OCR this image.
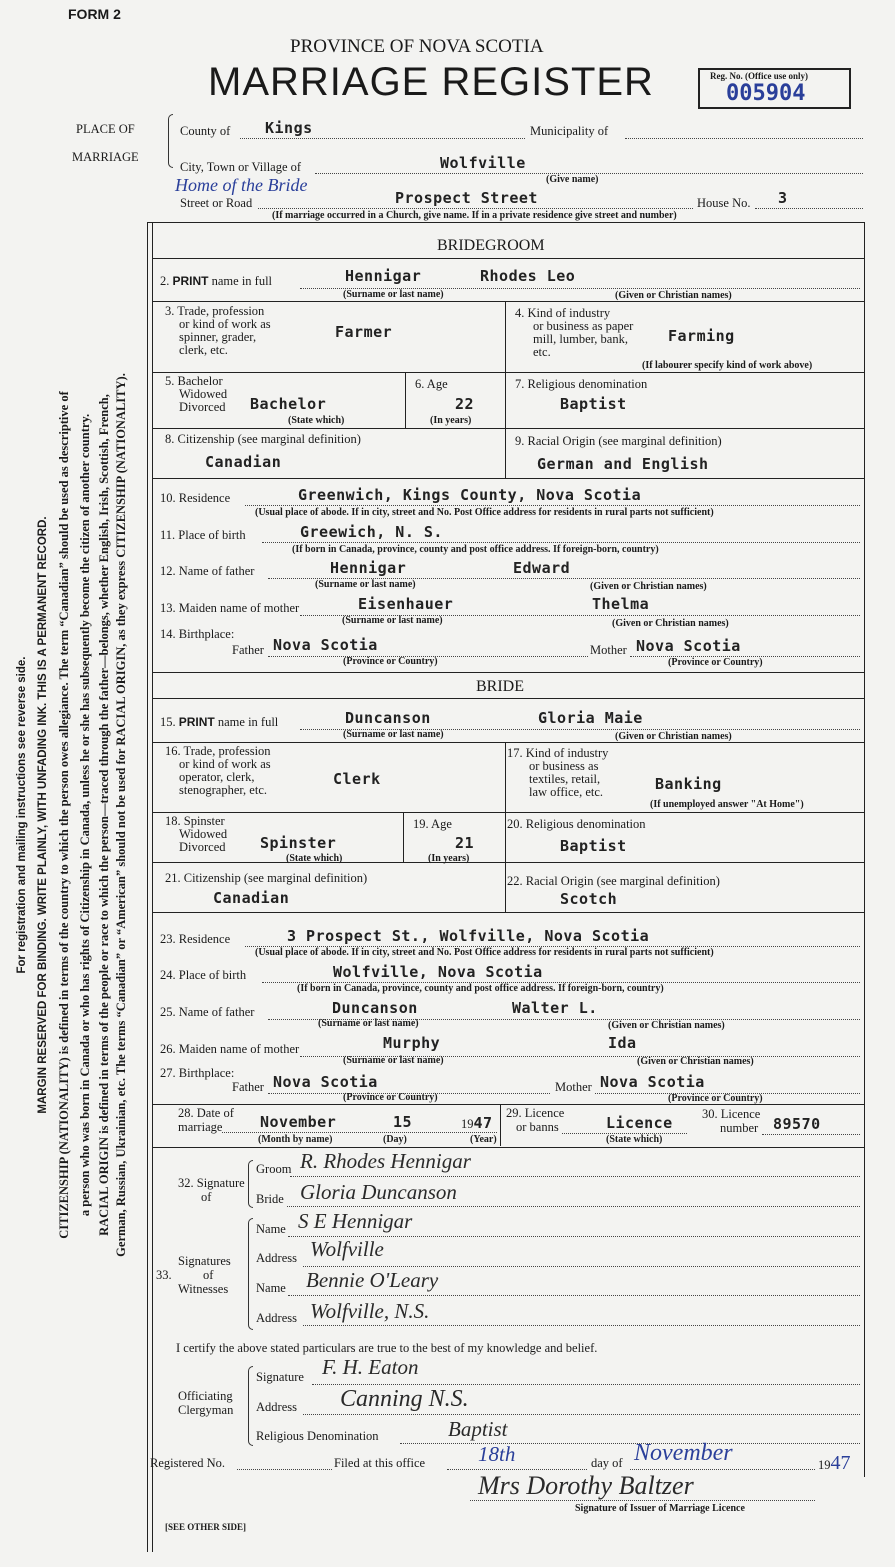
For registration and mailing instructions see reverse side. MARGIN RESERVED FOR BINDING. WRITE PLAINLY, WITH UNFADING INK. THIS IS A PERMANENT RECORD. CITIZENSHIP (NATIONALITY) is defined in terms of the country to which the person owes allegiance. The term “Canadian” should be used as descriptive of a person who was born in Canada or who has rights of Citizenship in Canada, unless he or she has subsequently become the citizen of another country. RACIAL ORIGIN is defined in terms of the people or race to which the person—traced through the father—belongs, whether English, Irish, Scottish, French, German, Russian, Ukrainian, etc. The terms “Canadian” or “American” should not be used for RACIAL ORIGIN, as they express CITIZENSHIP (NATIONALITY).
FORM 2
PROVINCE OF NOVA SCOTIA
MARRIAGE REGISTER	Reg. No. (Office use only)
005904
PLACE OF
MARRIAGE
County of Kings	Municipality of
City, Town or Village of	Wolfville
(Give name)
Home of the Bride
Street or Road	Prospect Street	House No. 3
(If marriage occurred in a Church, give name. If in a private residence give street and number)
BRIDEGROOM
2. PRINT name in full	Hennigar	Rhodes Leo
(Surname or last name)	(Given or Christian names)
3. Trade, profession
or kind of work as
spinner, grader,
clerk, etc.
Farmer
4. Kind of industry
or business as paper
mill, lumber, bank,
etc.
Farming
(If labourer specify kind of work above)
5. Bachelor
Widowed
Divorced Bachelor
(State which)
6. Age
22
(In years)
7. Religious denomination
Baptist
8. Citizenship (see marginal definition)
Canadian
9. Racial Origin (see marginal definition)
German and English
10. Residence	Greenwich, Kings County, Nova Scotia
(Usual place of abode. If in city, street and No. Post Office address for residents in rural parts not sufficient)
11. Place of birth	Greewich, N. S.
(If born in Canada, province, county and post office address. If foreign-born, country)
12. Name of father	Hennigar	Edward
(Surname or last name)	(Given or Christian names)
13. Maiden name of mother	Eisenhauer	Thelma
(Surname or last name)	(Given or Christian names)
14. Birthplace:
Father Nova Scotia	Mother Nova Scotia
(Province or Country)	(Province or Country)
BRIDE
15. PRINT name in full	Duncanson	Gloria Maie
(Surname or last name)	(Given or Christian names)
16. Trade, profession
or kind of work as
operator, clerk,
stenographer, etc.
Clerk
17. Kind of industry
or business as
textiles, retail,
law office, etc.	Banking
(If unemployed answer "At Home")
18. Spinster
Widowed
Divorced Spinster
(State which)
19. Age
21
(In years)
20. Religious denomination
Baptist
21. Citizenship (see marginal definition)
Canadian
22. Racial Origin (see marginal definition)
Scotch
23. Residence	3 Prospect St., Wolfville, Nova Scotia
(Usual place of abode. If in city, street and No. Post Office address for residents in rural parts not sufficient)
24. Place of birth	Wolfville, Nova Scotia
(If born in Canada, province, county and post office address. If foreign-born, country)
25. Name of father	Duncanson	Walter L.
(Surname or last name)	(Given or Christian names)
26. Maiden name of mother	Murphy	Ida
(Surname or last name)	(Given or Christian names)
27. Birthplace:
Father Nova Scotia	Mother Nova Scotia
(Province or Country)	(Province or Country)
28. Date of
marriage	November	15	1947
(Month by name)	(Day)	(Year)
29. Licence
or banns	Licence
(State which)
30. Licence
number 89570
32. Signature
of
Groom R. Rhodes Hennigar
Bride Gloria Duncanson
Signatures
of
Witnesses
33.
Name S E Hennigar
Address Wolfville
Name Bennie O'Leary
Address Wolfville, N.S.
I certify the above stated particulars are true to the best of my knowledge and belief.
Officiating
Clergyman
Signature F. H. Eaton
Address Canning N.S.
Religious Denomination	Baptist
Registered No.	Filed at this office	18th	day of November	1947
Mrs Dorothy Baltzer
Signature of Issuer of Marriage Licence
[SEE OTHER SIDE]
